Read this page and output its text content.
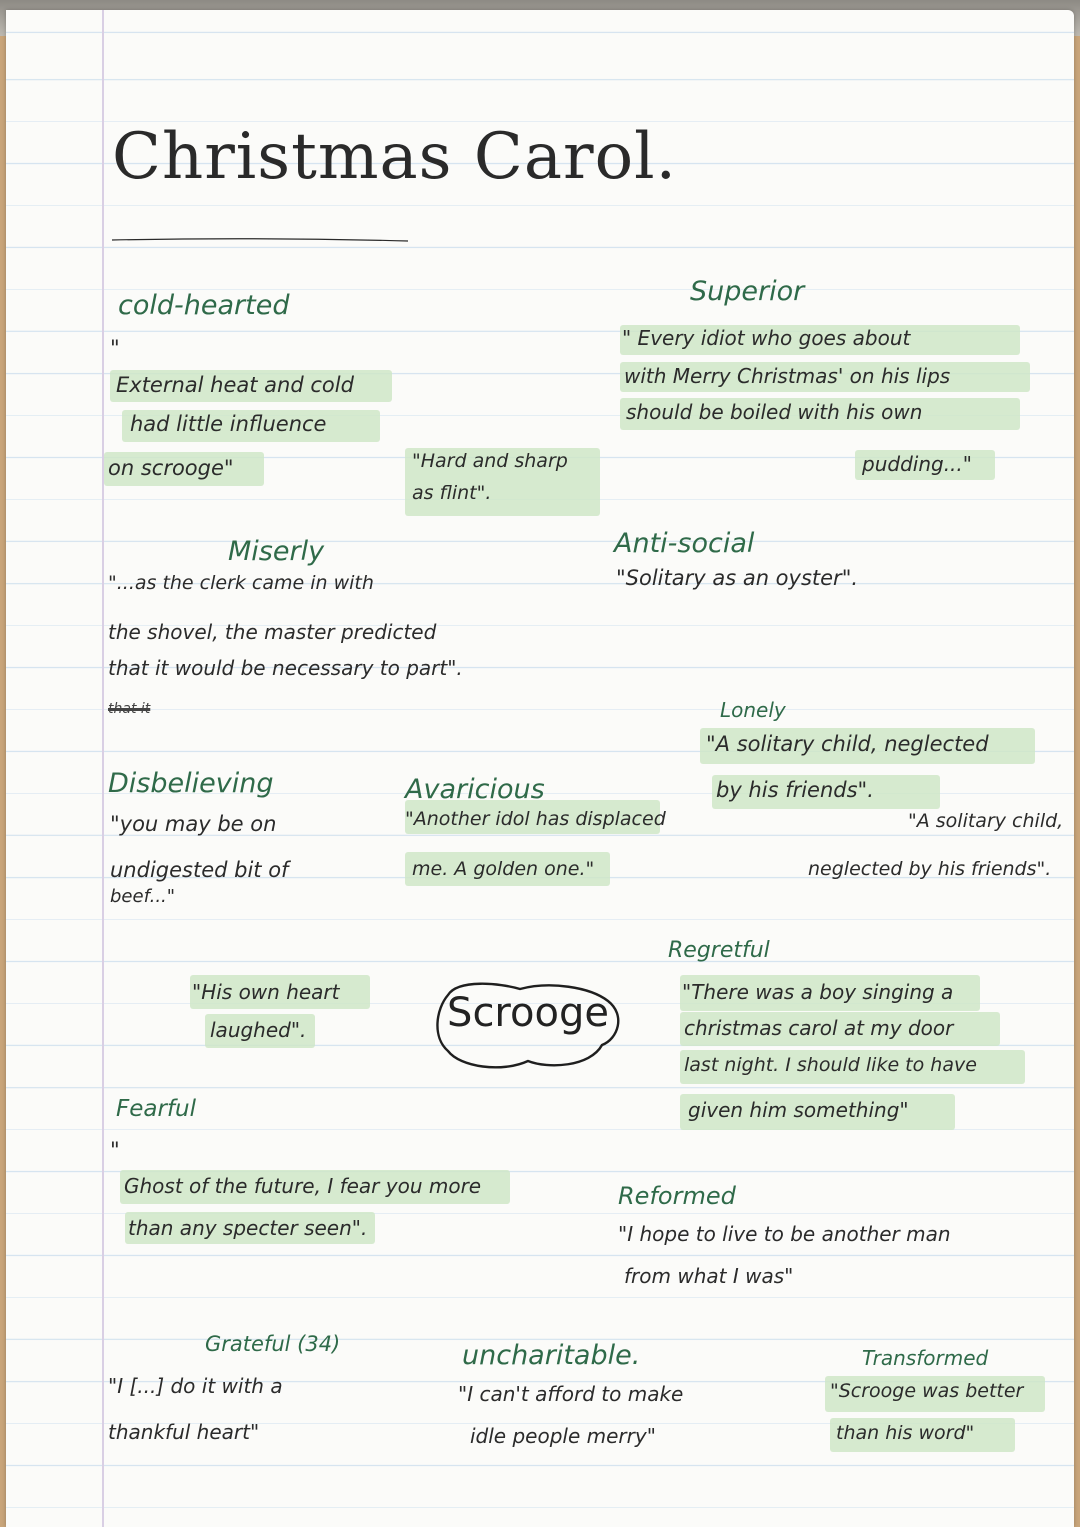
Christmas Carol.
cold-hearted
"
External heat and cold
had little influence
on scrooge"	"Hard and sharp
as flint".
Superior
" Every idiot who goes about
with Merry Christmas' on his lips
should be boiled with his own
pudding..."
Miserly
"...as the clerk came in with
the shovel, the master predicted
that it would be necessary to part".
that it
Anti-social
"Solitary as an oyster".
Lonely
"A solitary child, neglected
by his friends".
"A solitary child,
neglected by his friends".
Disbelieving
"you may be on
undigested bit of
beef..."
Avaricious
"Another idol has displaced
me. A golden one."
"His own heart
laughed".	Scrooge
Regretful
"There was a boy singing a
christmas carol at my door
last night. I should like to have
given him something"
Fearful
"
Ghost of the future, I fear you more
than any specter seen".
Reformed
"I hope to live to be another man
from what I was"
Grateful (34)
"I [...] do it with a
thankful heart"
uncharitable.
"I can't afford to make
idle people merry"
Transformed
"Scrooge was better
than his word"
